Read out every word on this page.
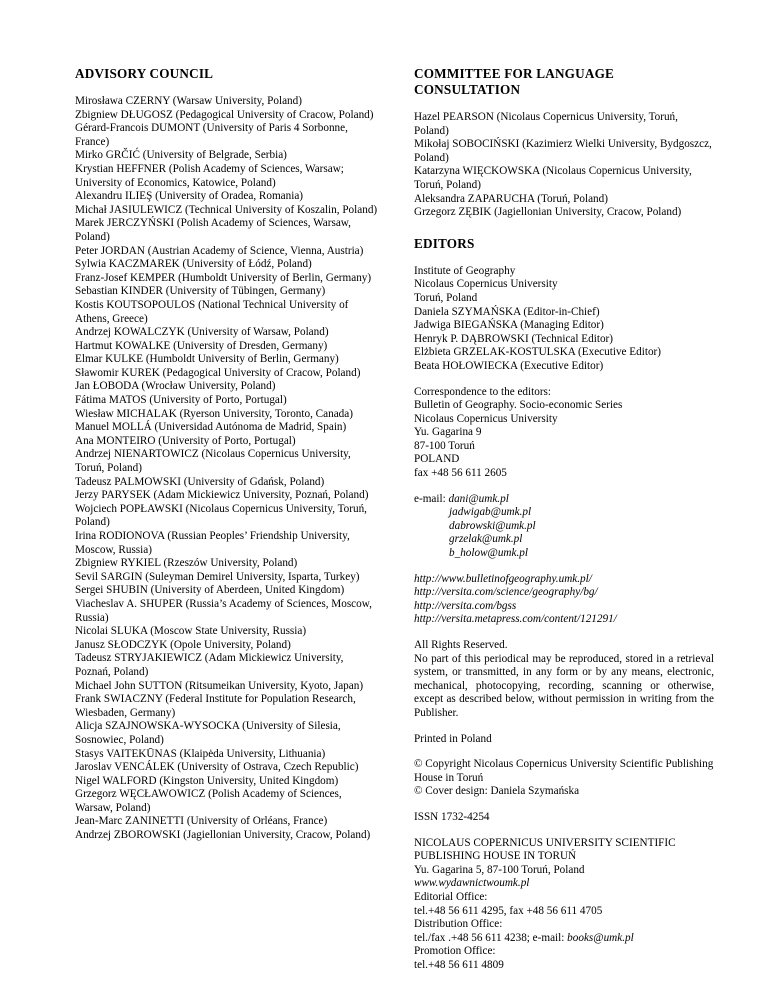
ADVISORY COUNCIL
Mirosława CZERNY (Warsaw University, Poland)
Zbigniew DŁUGOSZ (Pedagogical University of Cracow, Poland)
Gérard-Francois DUMONT (University of Paris 4 Sorbonne, France)
Mirko GRČIĆ (University of Belgrade, Serbia)
Krystian HEFFNER (Polish Academy of Sciences, Warsaw; University of Economics, Katowice, Poland)
Alexandru ILIEŞ (University of Oradea, Romania)
Michał JASIULEWICZ (Technical University of Koszalin, Poland)
Marek JERCZYŃSKI (Polish Academy of Sciences, Warsaw, Poland)
Peter JORDAN (Austrian Academy of Science, Vienna, Austria)
Sylwia KACZMAREK (University of Łódź, Poland)
Franz-Josef KEMPER (Humboldt University of Berlin, Germany)
Sebastian KINDER (University of Tübingen, Germany)
Kostis KOUTSOPOULOS (National Technical University of Athens, Greece)
Andrzej KOWALCZYK (University of Warsaw, Poland)
Hartmut KOWALKE (University of Dresden, Germany)
Elmar KULKE (Humboldt University of Berlin, Germany)
Sławomir KUREK (Pedagogical University of Cracow, Poland)
Jan ŁOBODA (Wrocław University, Poland)
Fátima MATOS (University of Porto, Portugal)
Wiesław MICHALAK (Ryerson University, Toronto, Canada)
Manuel MOLLÁ (Universidad Autónoma de Madrid, Spain)
Ana MONTEIRO (University of Porto, Portugal)
Andrzej NIENARTOWICZ (Nicolaus Copernicus University, Toruń, Poland)
Tadeusz PALMOWSKI (University of Gdańsk, Poland)
Jerzy PARYSEK (Adam Mickiewicz University, Poznań, Poland)
Wojciech POPŁAWSKI (Nicolaus Copernicus University, Toruń, Poland)
Irina RODIONOVA (Russian Peoples’ Friendship University, Moscow, Russia)
Zbigniew RYKIEL (Rzeszów University, Poland)
Sevil SARGIN (Suleyman Demirel University, Isparta, Turkey)
Sergei SHUBIN (University of Aberdeen, United Kingdom)
Viacheslav A. SHUPER (Russia’s Academy of Sciences, Moscow, Russia)
Nicolai SLUKA (Moscow State University, Russia)
Janusz SŁODCZYK (Opole University, Poland)
Tadeusz STRYJAKIEWICZ (Adam Mickiewicz University, Poznań, Poland)
Michael John SUTTON (Ritsumeikan University, Kyoto, Japan)
Frank SWIACZNY (Federal Institute for Population Research, Wiesbaden, Germany)
Alicja SZAJNOWSKA-WYSOCKA (University of Silesia, Sosnowiec, Poland)
Stasys VAITEKŪNAS (Klaipėda University, Lithuania)
Jaroslav VENCÁLEK (University of Ostrava, Czech Republic)
Nigel WALFORD (Kingston University, United Kingdom)
Grzegorz WĘCŁAWOWICZ (Polish Academy of Sciences, Warsaw, Poland)
Jean-Marc ZANINETTI (University of Orléans, France)
Andrzej ZBOROWSKI (Jagiellonian University, Cracow, Poland)
COMMITTEE FOR LANGUAGE CONSULTATION
Hazel PEARSON (Nicolaus Copernicus University, Toruń, Poland)
Mikołaj SOBOCIŃSKI (Kazimierz Wielki University, Bydgoszcz, Poland)
Katarzyna WIĘCKOWSKA (Nicolaus Copernicus University, Toruń, Poland)
Aleksandra ZAPARUCHA (Toruń, Poland)
Grzegorz ZĘBIK (Jagiellonian University, Cracow, Poland)
EDITORS
Institute of Geography
Nicolaus Copernicus University
Toruń, Poland
Daniela SZYMAŃSKA (Editor-in-Chief)
Jadwiga BIEGAŃSKA (Managing Editor)
Henryk P. DĄBROWSKI (Technical Editor)
Elżbieta GRZELAK-KOSTULSKA (Executive Editor)
Beata HOŁOWIECKA (Executive Editor)
Correspondence to the editors:
Bulletin of Geography. Socio-economic Series
Nicolaus Copernicus University
Yu. Gagarina 9
87-100 Toruń
POLAND
fax +48 56 611 2605
e-mail: dani@umk.pl
jadwigab@umk.pl
dabrowski@umk.pl
grzelak@umk.pl
b_holow@umk.pl
http://www.bulletinofgeography.umk.pl/
http://versita.com/science/geography/bg/
http://versita.com/bgss
http://versita.metapress.com/content/121291/
All Rights Reserved.
No part of this periodical may be reproduced, stored in a retrieval system, or transmitted, in any form or by any means, electronic, mechanical, photocopying, recording, scanning or otherwise, except as described below, without permission in writing from the Publisher.
Printed in Poland
© Copyright Nicolaus Copernicus University Scientific Publishing House in Toruń
© Cover design: Daniela Szymańska
ISSN 1732-4254
NICOLAUS COPERNICUS UNIVERSITY SCIENTIFIC PUBLISHING HOUSE IN TORUŃ
Yu. Gagarina 5, 87-100 Toruń, Poland
www.wydawnictwoumk.pl
Editorial Office:
tel.+48 56 611 4295, fax +48 56 611 4705
Distribution Office:
tel./fax .+48 56 611 4238; e-mail: books@umk.pl
Promotion Office:
tel.+48 56 611 4809
